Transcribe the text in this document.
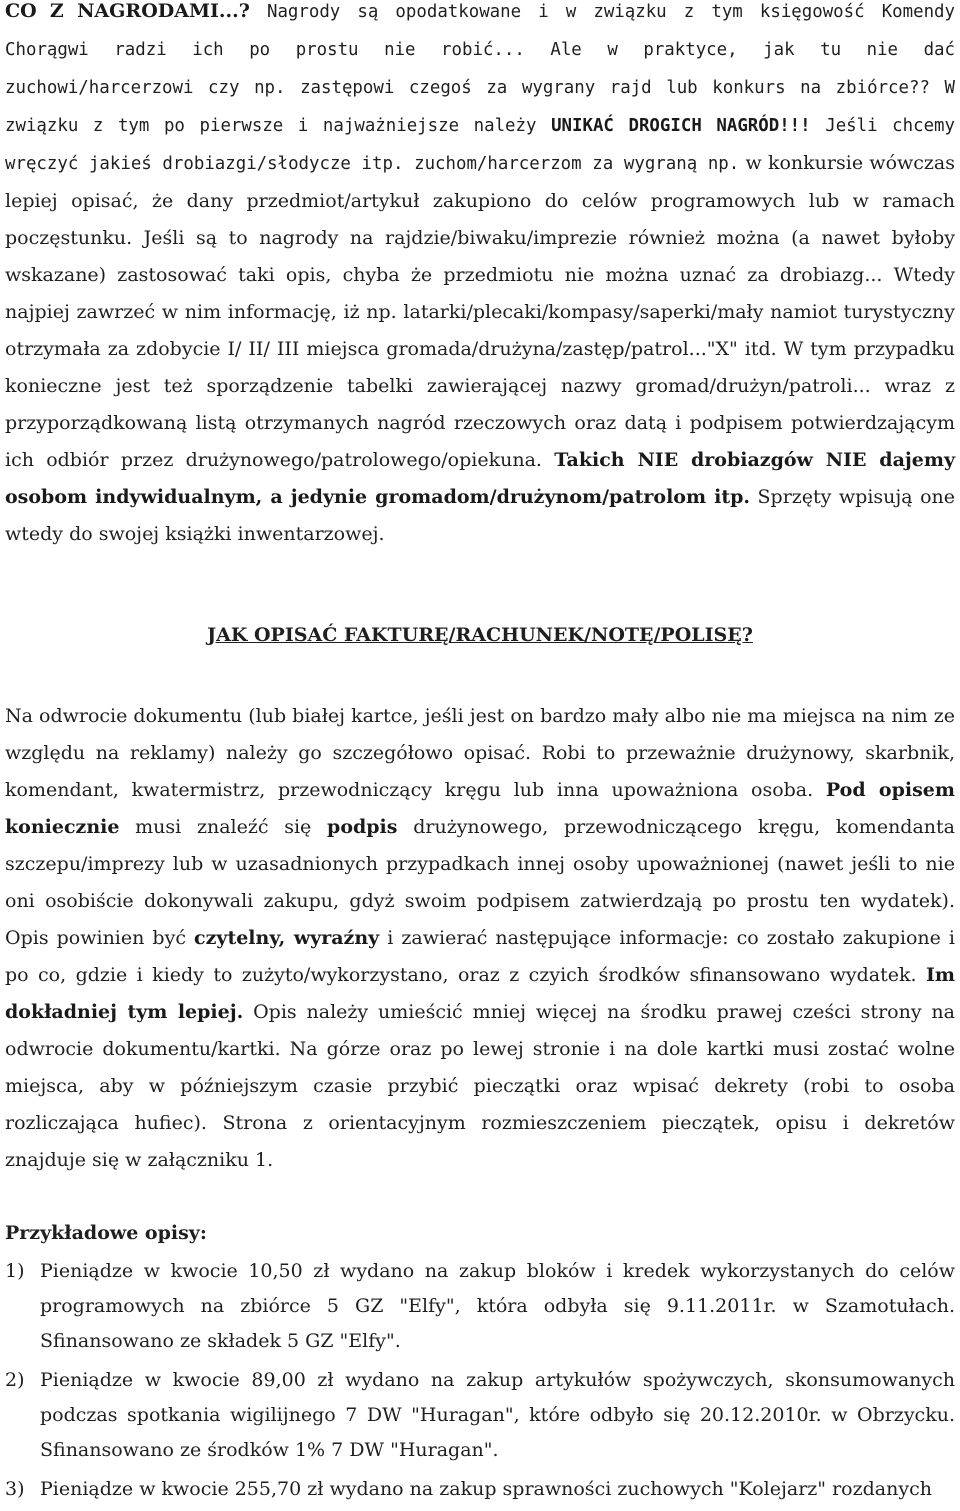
CO Z NAGRODAMI...? Nagrody są opodatkowane i w związku z tym księgowość Komendy Chorągwi radzi ich po prostu nie robić... Ale w praktyce, jak tu nie dać zuchowi/harcerzowi czy np. zastępowi czegoś za wygrany rajd lub konkurs na zbiórce?? W związku z tym po pierwsze i najważniejsze należy UNIKAĆ DROGICH NAGRÓD!!! Jeśli chcemy wręczyć jakieś drobiazgi/słodycze itp. zuchom/harcerzom za wygraną np. w konkursie wówczas lepiej opisać, że dany przedmiot/artykuł zakupiono do celów programowych lub w ramach poczęstunku. Jeśli są to nagrody na rajdzie/biwaku/imprezie również można (a nawet byłoby wskazane) zastosować taki opis, chyba że przedmiotu nie można uznać za drobiazg... Wtedy najpiej zawrzeć w nim informację, iż np. latarki/plecaki/kompasy/saperki/mały namiot turystyczny otrzymała za zdobycie I/ II/ III miejsca gromada/drużyna/zastęp/patrol..."X" itd. W tym przypadku konieczne jest też sporządzenie tabelki zawierającej nazwy gromad/drużyn/patroli... wraz z przyporządkowaną listą otrzymanych nagród rzeczowych oraz datą i podpisem potwierdzającym ich odbiór przez drużynowego/patrolowego/opiekuna. Takich NIE drobiazgów NIE dajemy osobom indywidualnym, a jedynie gromadom/drużynom/patrolom itp. Sprzęty wpisują one wtedy do swojej książki inwentarzowej.

JAK OPISAĆ FAKTURĘ/RACHUNEK/NOTĘ/POLISĘ?

Na odwrocie dokumentu (lub białej kartce, jeśli jest on bardzo mały albo nie ma miejsca na nim ze względu na reklamy) należy go szczegółowo opisać. Robi to przeważnie drużynowy, skarbnik, komendant, kwatermistrz, przewodniczący kręgu lub inna upoważniona osoba. Pod opisem koniecznie musi znaleźć się podpis drużynowego, przewodniczącego kręgu, komendanta szczepu/imprezy lub w uzasadnionych przypadkach innej osoby upoważnionej (nawet jeśli to nie oni osobiście dokonywali zakupu, gdyż swoim podpisem zatwierdzają po prostu ten wydatek). Opis powinien być czytelny, wyraźny i zawierać następujące informacje: co zostało zakupione i po co, gdzie i kiedy to zużyto/wykorzystano, oraz z czyich środków sfinansowano wydatek. Im dokładniej tym lepiej. Opis należy umieścić mniej więcej na środku prawej cześci strony na odwrocie dokumentu/kartki. Na górze oraz po lewej stronie i na dole kartki musi zostać wolne miejsca, aby w późniejszym czasie przybić pieczątki oraz wpisać dekrety (robi to osoba rozliczająca hufiec). Strona z orientacyjnym rozmieszczeniem pieczątek, opisu i dekretów znajduje się w załączniku 1.

Przykładowe opisy:

1) Pieniądze w kwocie 10,50 zł wydano na zakup bloków i kredek wykorzystanych do celów programowych na zbiórce 5 GZ "Elfy", która odbyła się 9.11.2011r. w Szamotułach. Sfinansowano ze składek 5 GZ "Elfy".
2) Pieniądze w kwocie 89,00 zł wydano na zakup artykułów spożywczych, skonsumowanych podczas spotkania wigilijnego 7 DW "Huragan", które odbyło się 20.12.2010r. w Obrzycku. Sfinansowano ze środków 1% 7 DW "Huragan".
3) Pieniądze w kwocie 255,70 zł wydano na zakup sprawności zuchowych "Kolejarz" rozdanych
